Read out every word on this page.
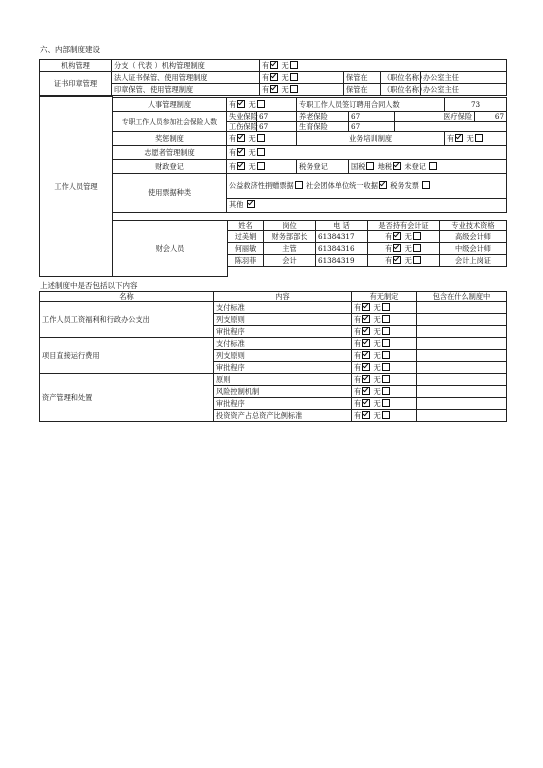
六、内部制度建设
机构管理	分支（ 代表 ）机构管理制度	有 无			
证书印章管理	法人证书保管、使用管理制度	有 无	保管在	（职位名称）	办公室主任
	印章保管、使用管理制度	有 无	保管在	（职位名称）	办公室主任
工作人员管理
人事管理制度	有 无		专职工作人员签订聘用合同人数			73	
专职工作人员参加社会保险人数	失业保险	67	养老保险	67	医疗保险		67
	工伤保险	67	生育保险	67			
奖惩制度	有 无		业务培训制度			有 无	
志愿者管理制度	有 无						
财政登记	有 无		税务登记	国税 地税 未登记			
使用票据种类	公益救济性捐赠票据 社会团体单位统一收据 税务发票						
	其他						
财会人员
姓名	岗位	电 话	是否持有会计证	专业技术资格
过美娟	财务部部长	61384317	有 无	高级会计师
何丽敏	主管	61384316	有 无	中级会计师
陈羽菲	会计	61384319	有 无	会计上岗证
上述制度中是否包括以下内容
名称	内容	有无制定	包含在什么制度中
工作人员工资福利和行政办公支出	支付标准	有 无	
	列支原则	有 无	
	审批程序	有 无	
项目直接运行费用	支付标准	有 无	
	列支原则	有 无	
	审批程序	有 无	
资产管理和处置	原则	有 无	
	风险控制机制	有 无	
	审批程序	有 无	
	投资资产占总资产比例标准	有 无	
